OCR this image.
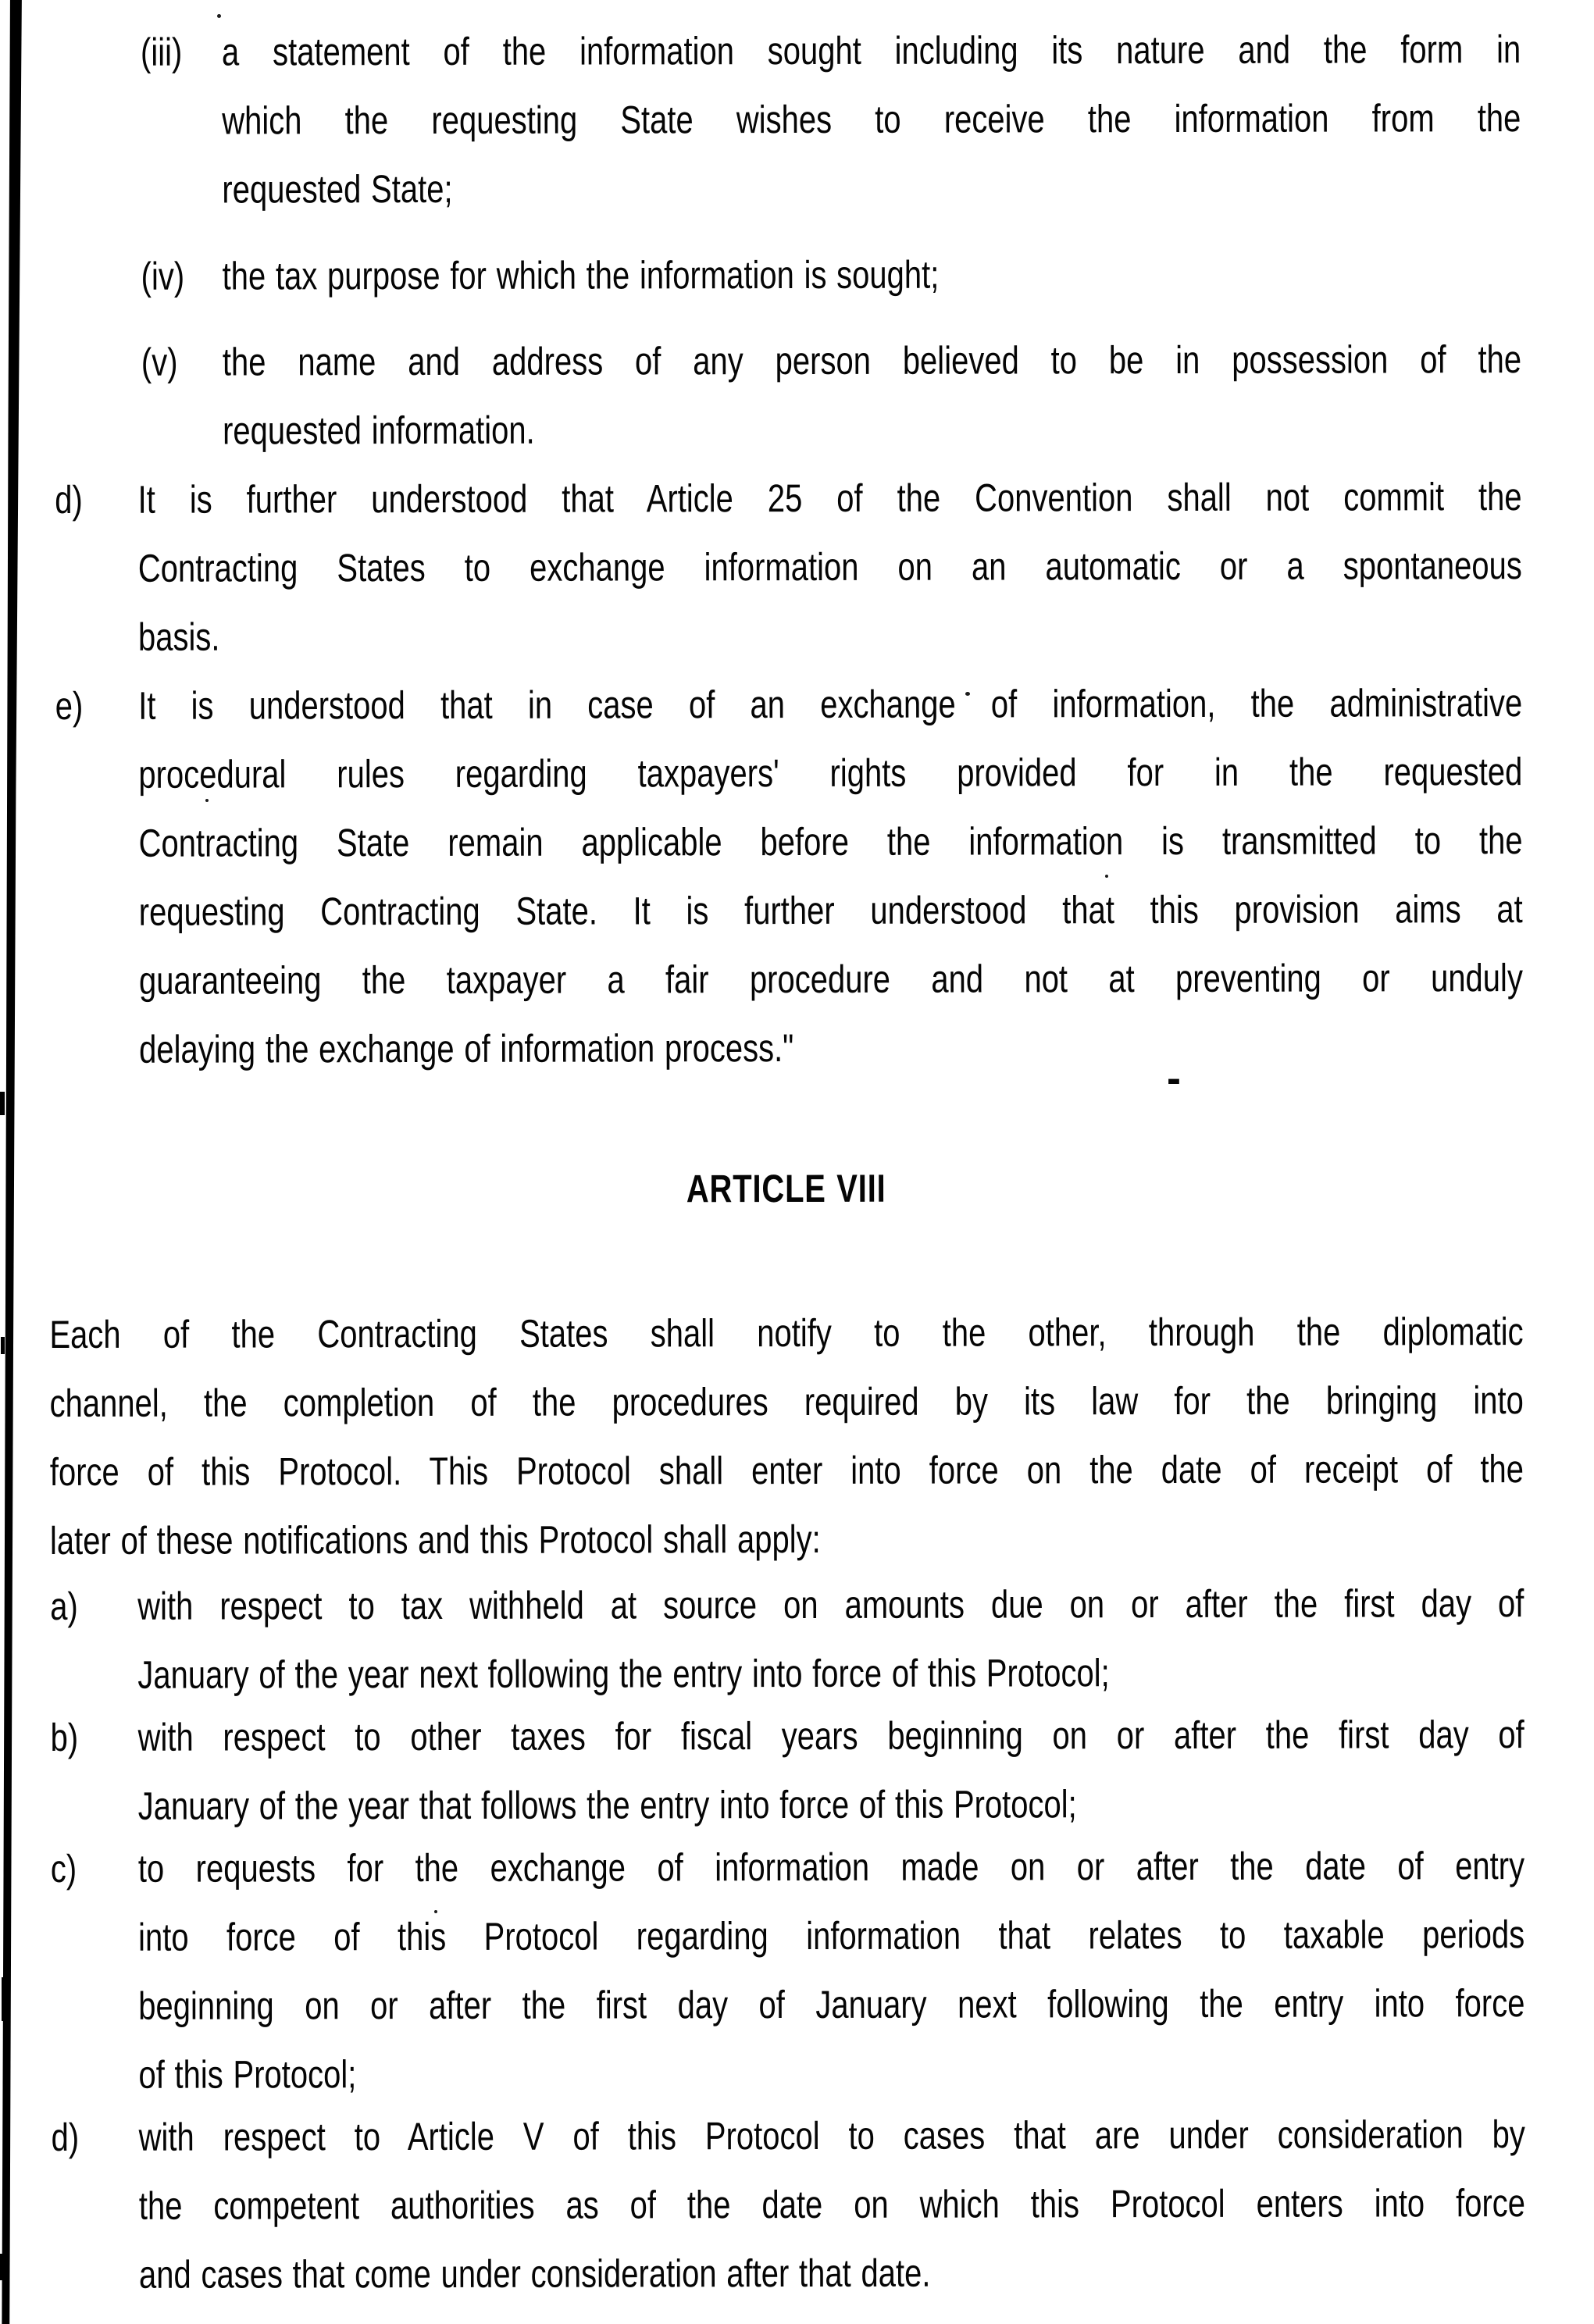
(iii) a statement of the information sought including its nature and the form in
which the requesting State wishes to receive the information from the
requested State;
(iv) the tax purpose for which the information is sought;
(v) the name and address of any person believed to be in possession of the
requested information.
d) It is further understood that Article 25 of the Convention shall not commit the
Contracting States to exchange information on an automatic or a spontaneous
basis.
e) It is understood that in case of an exchange of information, the administrative
procedural rules regarding taxpayers' rights provided for in the requested
Contracting State remain applicable before the information is transmitted to the
requesting Contracting State. It is further understood that this provision aims at
guaranteeing the taxpayer a fair procedure and not at preventing or unduly
delaying the exchange of information process."
ARTICLE VIII
Each of the Contracting States shall notify to the other, through the diplomatic
channel, the completion of the procedures required by its law for the bringing into
force of this Protocol. This Protocol shall enter into force on the date of receipt of the
later of these notifications and this Protocol shall apply:
a) with respect to tax withheld at source on amounts due on or after the first day of
January of the year next following the entry into force of this Protocol;
b) with respect to other taxes for fiscal years beginning on or after the first day of
January of the year that follows the entry into force of this Protocol;
c) to requests for the exchange of information made on or after the date of entry
into force of this Protocol regarding information that relates to taxable periods
beginning on or after the first day of January next following the entry into force
of this Protocol;
d) with respect to Article V of this Protocol to cases that are under consideration by
the competent authorities as of the date on which this Protocol enters into force
and cases that come under consideration after that date.
-
